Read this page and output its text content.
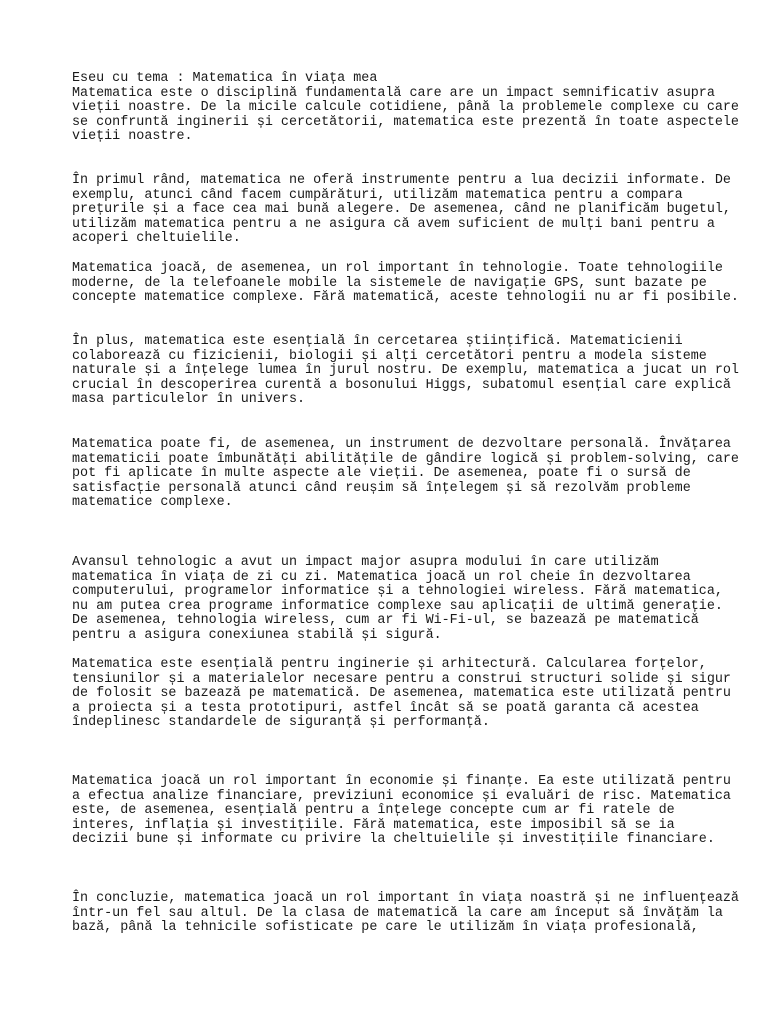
Eseu cu tema : Matematica în viața mea
Matematica este o disciplină fundamentală care are un impact semnificativ asupra
vieții noastre. De la micile calcule cotidiene, până la problemele complexe cu care
se confruntă inginerii și cercetătorii, matematica este prezentă în toate aspectele
vieții noastre.
În primul rând, matematica ne oferă instrumente pentru a lua decizii informate. De
exemplu, atunci când facem cumpărături, utilizăm matematica pentru a compara
prețurile și a face cea mai bună alegere. De asemenea, când ne planificăm bugetul,
utilizăm matematica pentru a ne asigura că avem suficient de mulți bani pentru a
acoperi cheltuielile.
Matematica joacă, de asemenea, un rol important în tehnologie. Toate tehnologiile
moderne, de la telefoanele mobile la sistemele de navigație GPS, sunt bazate pe
concepte matematice complexe. Fără matematică, aceste tehnologii nu ar fi posibile.
În plus, matematica este esențială în cercetarea științifică. Matematicienii
colaborează cu fizicienii, biologii și alți cercetători pentru a modela sisteme
naturale și a înțelege lumea în jurul nostru. De exemplu, matematica a jucat un rol
crucial în descoperirea curentă a bosonului Higgs, subatomul esențial care explică
masa particulelor în univers.
Matematica poate fi, de asemenea, un instrument de dezvoltare personală. Învățarea
matematicii poate îmbunătăți abilitățile de gândire logică și problem-solving, care
pot fi aplicate în multe aspecte ale vieții. De asemenea, poate fi o sursă de
satisfacție personală atunci când reușim să înțelegem și să rezolvăm probleme
matematice complexe.
Avansul tehnologic a avut un impact major asupra modului în care utilizăm
matematica în viața de zi cu zi. Matematica joacă un rol cheie în dezvoltarea
computerului, programelor informatice și a tehnologiei wireless. Fără matematica,
nu am putea crea programe informatice complexe sau aplicații de ultimă generație.
De asemenea, tehnologia wireless, cum ar fi Wi-Fi-ul, se bazează pe matematică
pentru a asigura conexiunea stabilă și sigură.
Matematica este esențială pentru inginerie și arhitectură. Calcularea forțelor,
tensiunilor și a materialelor necesare pentru a construi structuri solide și sigur
de folosit se bazează pe matematică. De asemenea, matematica este utilizată pentru
a proiecta și a testa prototipuri, astfel încât să se poată garanta că acestea
îndeplinesc standardele de siguranță și performanță.
Matematica joacă un rol important în economie și finanțe. Ea este utilizată pentru
a efectua analize financiare, previziuni economice și evaluări de risc. Matematica
este, de asemenea, esențială pentru a înțelege concepte cum ar fi ratele de
interes, inflația și investițiile. Fără matematica, este imposibil să se ia
decizii bune și informate cu privire la cheltuielile și investițiile financiare.
În concluzie, matematica joacă un rol important în viața noastră și ne influențează
într-un fel sau altul. De la clasa de matematică la care am început să învățăm la
bază, până la tehnicile sofisticate pe care le utilizăm în viața profesională,
